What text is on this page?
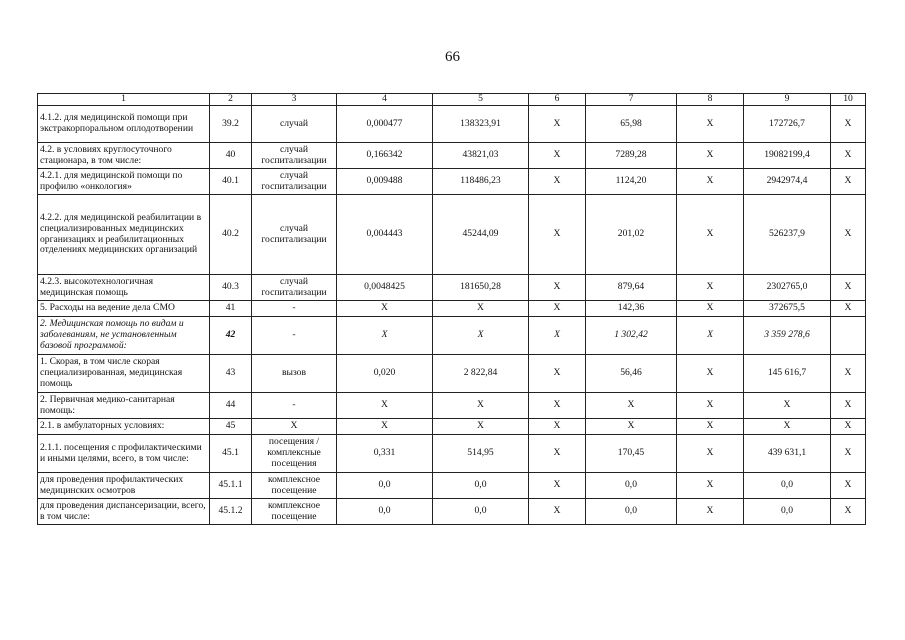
66
1	2	3	4	5	6	7	8	9	10
4.1.2. для медицинской помощи при экстракорпоральном оплодотворении	39.2	случай	0,000477	138323,91	X	65,98	X	172726,7	X
4.2. в условиях круглосуточного стационара, в том числе:	40	случай госпитализации	0,166342	43821,03	X	7289,28	X	19082199,4	X
4.2.1. для медицинской помощи по профилю «онкология»	40.1	случай госпитализации	0,009488	118486,23	X	1124,20	X	2942974,4	X
4.2.2. для медицинской реабилитации в специализированных медицинских организациях и реабилитационных отделениях медицинских организаций	40.2	случай госпитализации	0,004443	45244,09	X	201,02	X	526237,9	X
4.2.3. высокотехнологичная медицинская помощь	40.3	случай госпитализации	0,0048425	181650,28	X	879,64	X	2302765,0	X
5. Расходы на ведение дела СМО	41	-	X	X	X	142,36	X	372675,5	X
2. Медицинская помощь по видам и заболеваниям, не установленным базовой программой:	42	-	X	X	X	1 302,42	X	3 359 278,6	
1. Скорая, в том числе скорая специализированная, медицинская помощь	43	вызов	0,020	2 822,84	X	56,46	X	145 616,7	X
2. Первичная медико-санитарная помощь:	44	-	X	X	X	X	X	X	X
2.1. в амбулаторных условиях:	45	X	X	X	X	X	X	X	X
2.1.1. посещения с профилактическими и иными целями, всего, в том числе:	45.1	посещения / комплексные посещения	0,331	514,95	X	170,45	X	439 631,1	X
для проведения профилактических медицинских осмотров	45.1.1	комплексное посещение	0,0	0,0	X	0,0	X	0,0	X
для проведения диспансеризации, всего, в том числе:	45.1.2	комплексное посещение	0,0	0,0	X	0,0	X	0,0	X
